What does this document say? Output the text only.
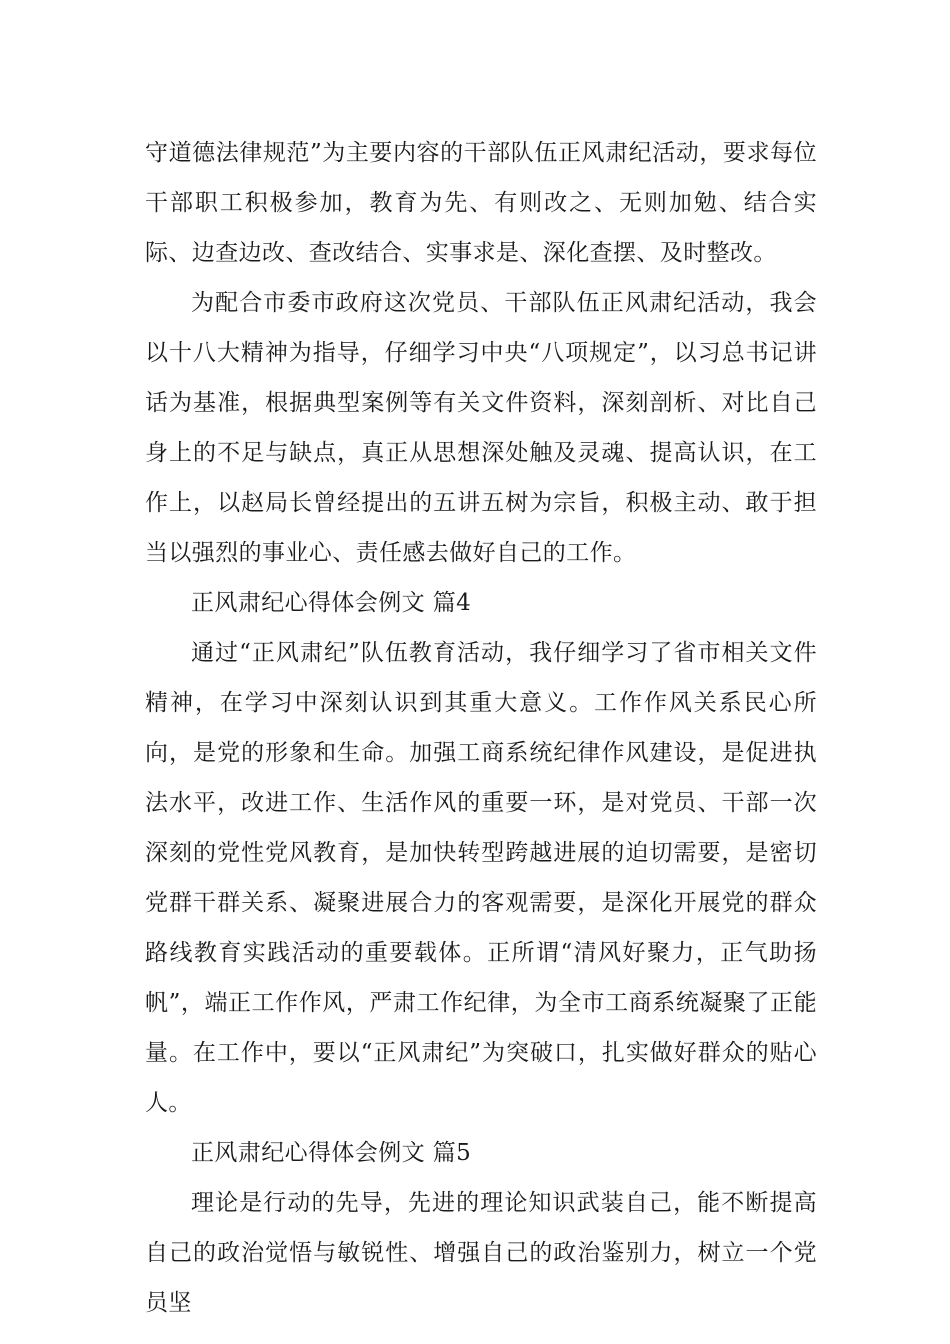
守道德法律规范”为主要内容的干部队伍正风肃纪活动，要求每位干部职工积极参加，教育为先、有则改之、无则加勉、结合实际、边查边改、查改结合、实事求是、深化查摆、及时整改。

为配合市委市政府这次党员、干部队伍正风肃纪活动，我会以十八大精神为指导，仔细学习中央“八项规定”，以习总书记讲话为基准，根据典型案例等有关文件资料，深刻剖析、对比自己身上的不足与缺点，真正从思想深处触及灵魂、提高认识，在工作上，以赵局长曾经提出的五讲五树为宗旨，积极主动、敢于担当以强烈的事业心、责任感去做好自己的工作。

正风肃纪心得体会例文 篇4

通过“正风肃纪”队伍教育活动，我仔细学习了省市相关文件精神，在学习中深刻认识到其重大意义。工作作风关系民心所向，是党的形象和生命。加强工商系统纪律作风建设，是促进执法水平，改进工作、生活作风的重要一环，是对党员、干部一次深刻的党性党风教育，是加快转型跨越进展的迫切需要，是密切党群干群关系、凝聚进展合力的客观需要，是深化开展党的群众路线教育实践活动的重要载体。正所谓“清风好聚力，正气助扬帆”，端正工作作风，严肃工作纪律，为全市工商系统凝聚了正能量。在工作中，要以“正风肃纪”为突破口，扎实做好群众的贴心人。

正风肃纪心得体会例文 篇5

理论是行动的先导，先进的理论知识武装自己，能不断提高自己的政治觉悟与敏锐性、增强自己的政治鉴别力，树立一个党员坚
